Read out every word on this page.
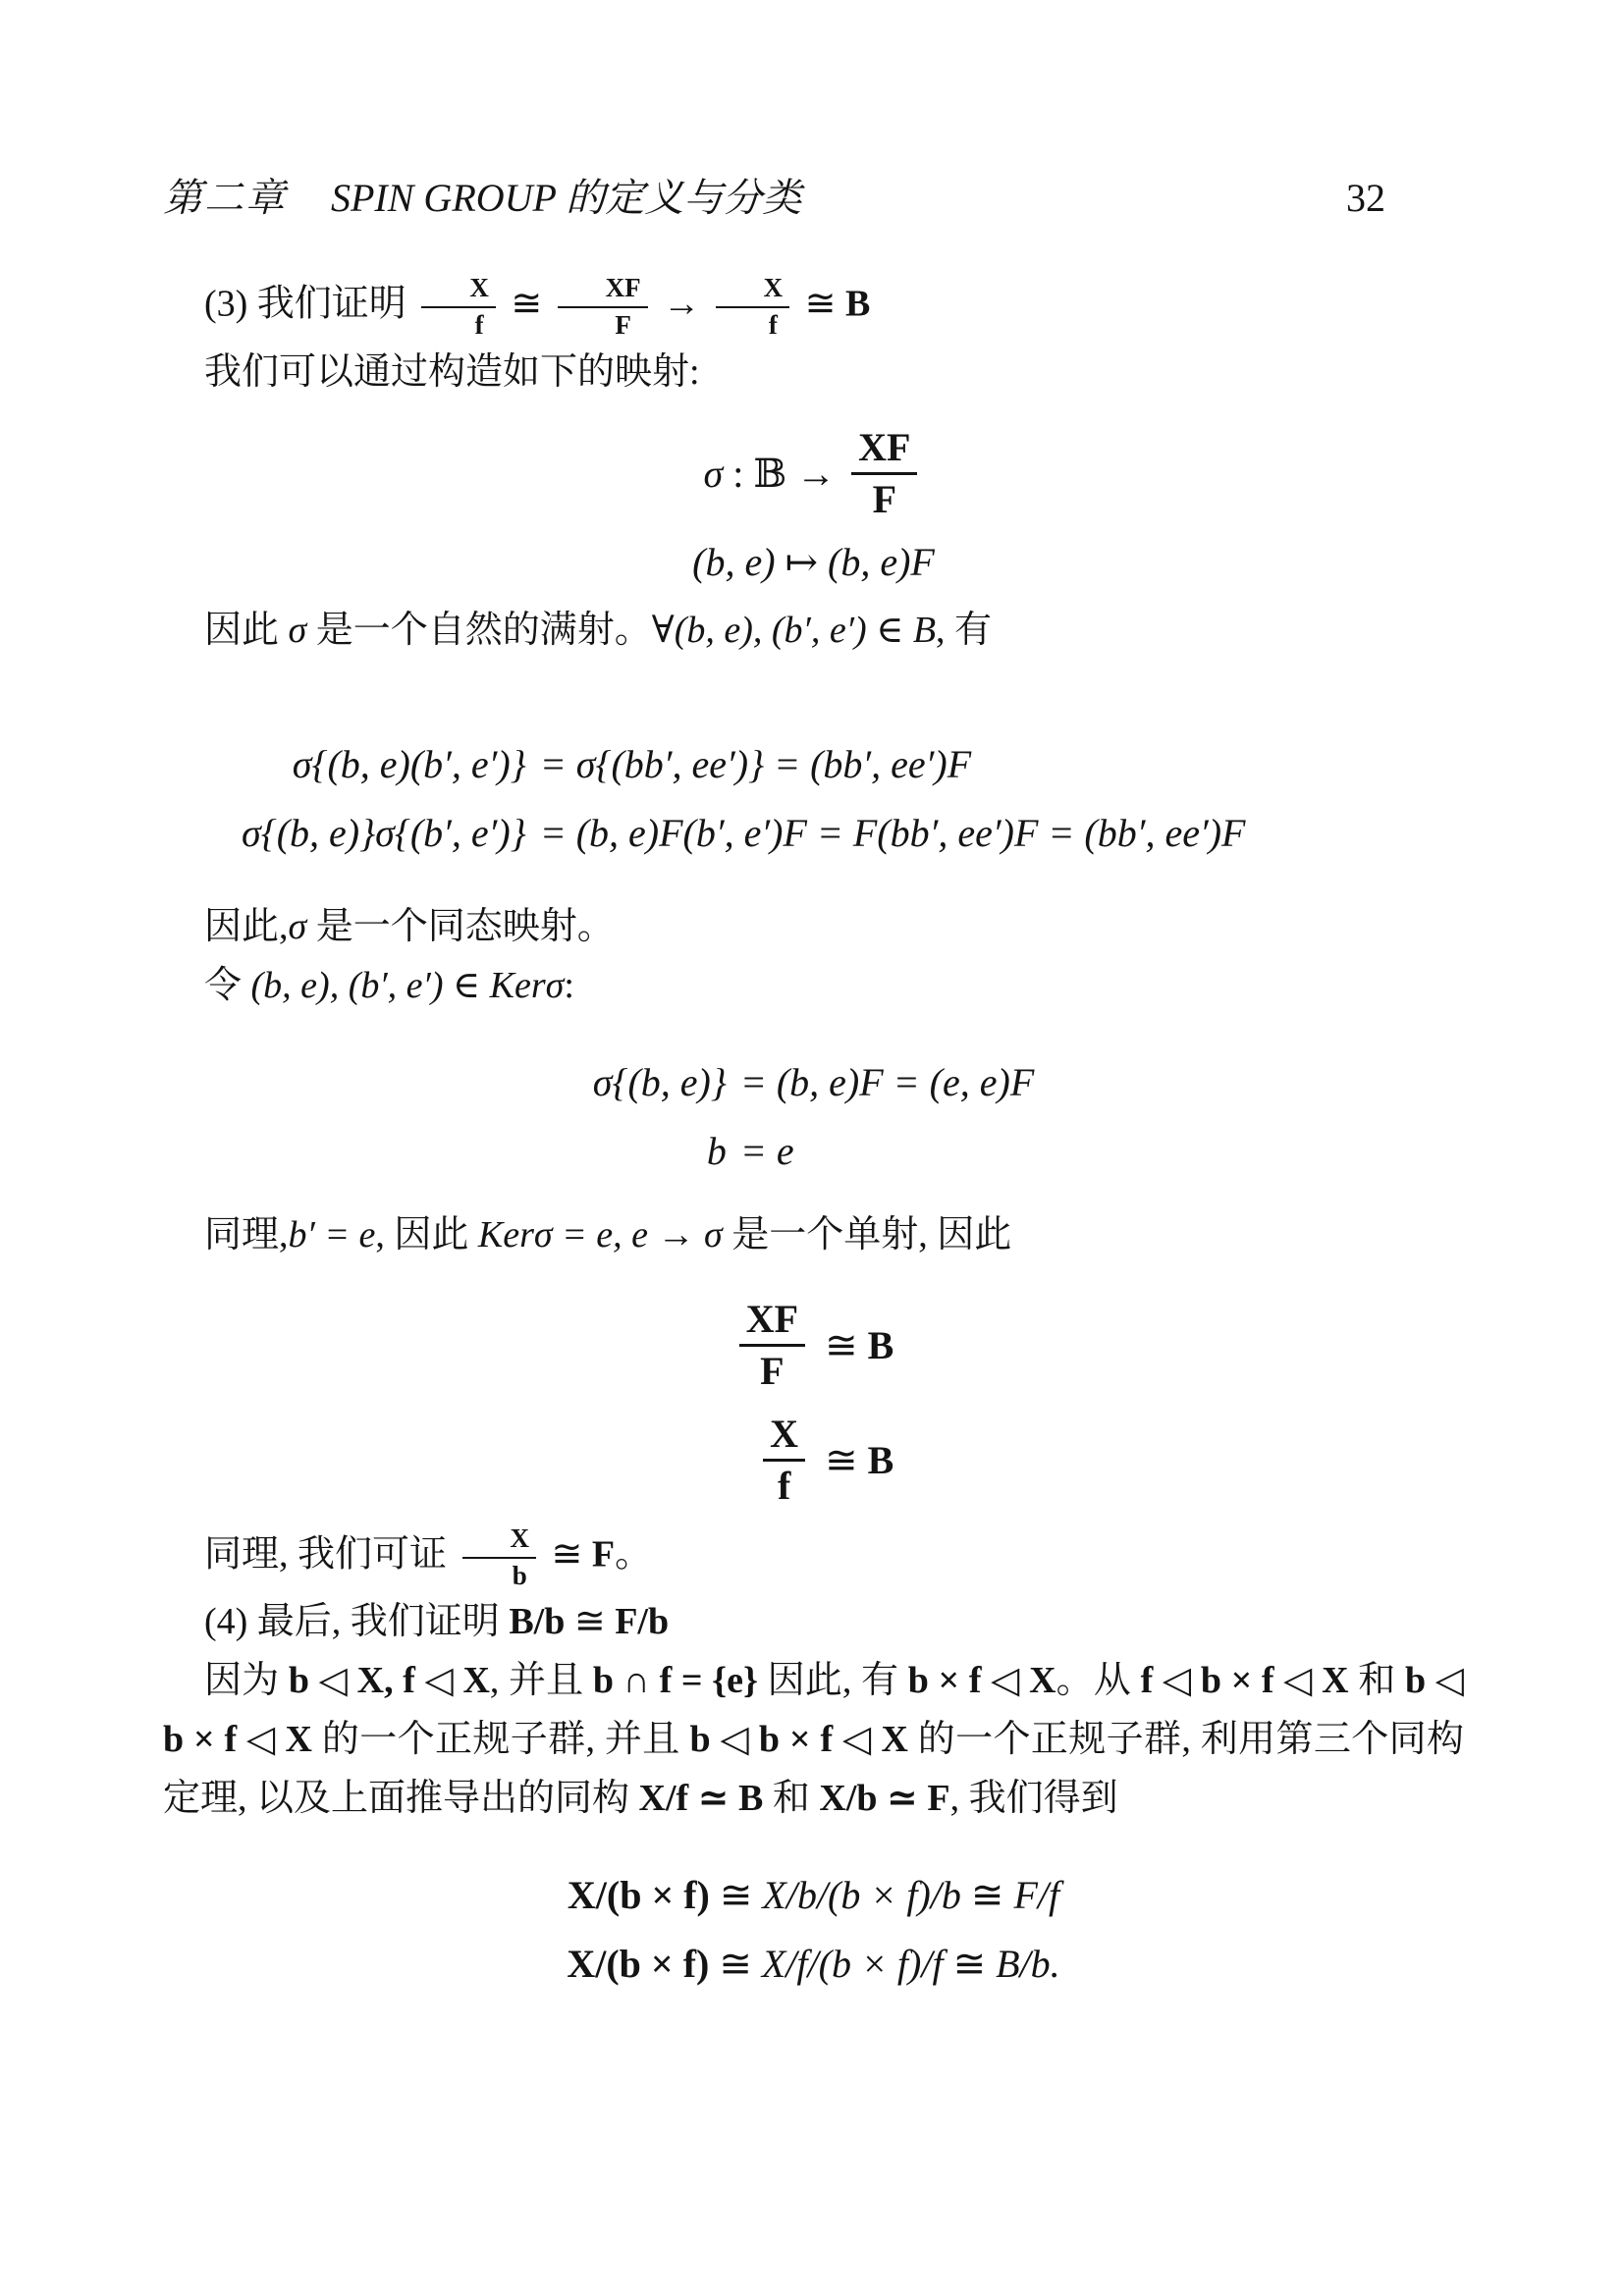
第二章 SPIN GROUP 的定义与分类	32

(3) 我们证明 $\frac{X}{f}$ ≅ $\frac{XF}{F} \to \frac{X}{f}$ ≅ B

我们可以通过构造如下的映射:

σ : 𝔹 → $\frac{XF}{F}$
(b, e) ↦ (b, e)F

因此 σ 是一个自然的满射。∀(b, e), (b′, e′) ∈ B, 有

σ{(b, e)(b′, e′)}	= σ{(bb′, ee′)} = (bb′, ee′)F
σ{(b, e)}σ{(b′, e′)}	= (b, e)F(b′, e′)F = F(bb′, ee′)F = (bb′, ee′)F

因此,σ 是一个同态映射。

令 (b, e), (b′, e′) ∈ Kerσ:

σ{(b, e)}	= (b, e)F = (e, e)F
b	= e

同理,b′ = e, 因此 Kerσ = e, e → σ 是一个单射, 因此

$\frac{XF}{F}$	≅ B

$\frac{X}{f}$	≅ B

同理, 我们可证 $\frac{X}{b}$ ≅ F。

(4) 最后, 我们证明 B/b ≅ F/b

因为 b ◁ X, f ◁ X, 并且 b ∩ f = {e} 因此, 有 b × f ◁ X。从 f ◁ b × f ◁ X 和 b ◁ b × f ◁ X 的一个正规子群, 并且 b ◁ b × f ◁ X 的一个正规子群, 利用第三个同构定理, 以及上面推导出的同构 X/f ≃ B 和 X/b ≃ F, 我们得到

X/(b × f) ≅ X/b/(b × f)/b ≅ F/f
X/(b × f) ≅ X/f/(b × f)/f ≅ B/b.
